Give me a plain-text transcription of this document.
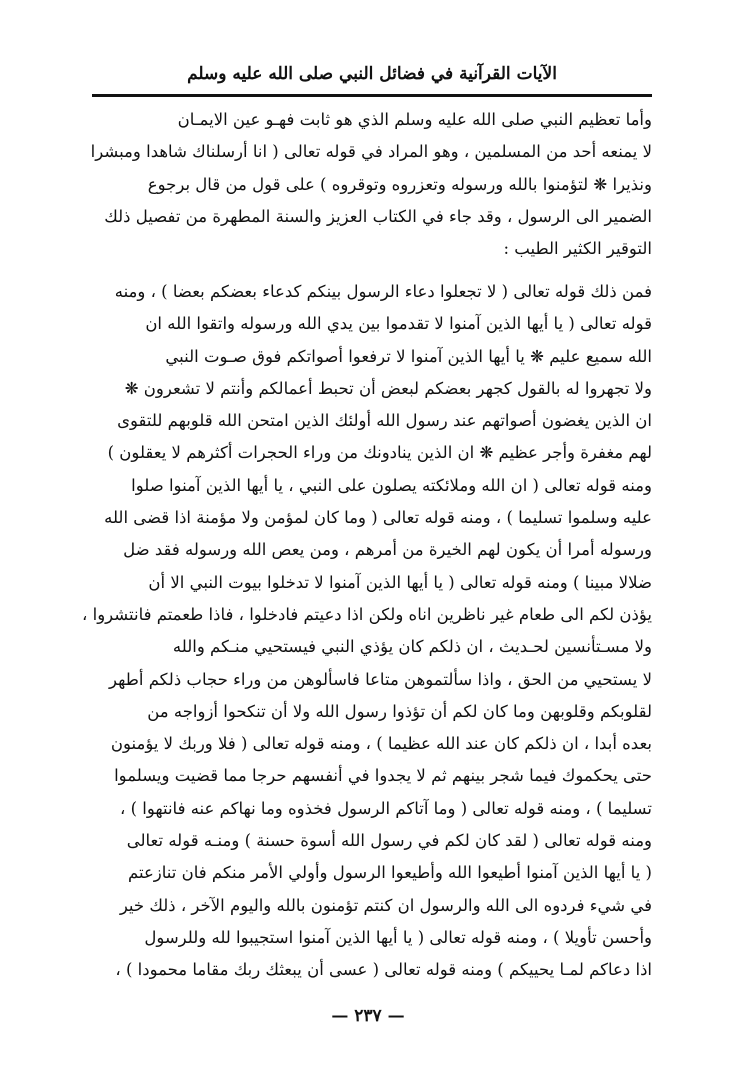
الآيات القرآنية في فضائل النبي صلى الله عليه وسلم
وأما تعظيم النبي صلى الله عليه وسلم الذي هو ثابت فهـو عين الايمـان
لا يمنعه أحد من المسلمين ، وهو المراد في قوله تعالى ( انا أرسلناك شاهدا ومبشرا
ونذيرا ❋ لتؤمنوا بالله ورسوله وتعزروه وتوقروه ) على قول من قال برجوع
الضمير الى الرسول ، وقد جاء في الكتاب العزيز والسنة المطهرة من تفصيل ذلك
التوقير الكثير الطيب :
فمن ذلك قوله تعالى ( لا تجعلوا دعاء الرسول بينكم كدعاء بعضكم بعضا ) ، ومنه
قوله تعالى ( يا أيها الذين آمنوا لا تقدموا بين يدي الله ورسوله واتقوا الله ان
الله سميع عليم ❋ يا أيها الذين آمنوا لا ترفعوا أصواتكم فوق صـوت النبي
ولا تجهروا له بالقول كجهر بعضكم لبعض أن تحبط أعمالكم وأنتم لا تشعرون ❋
ان الذين يغضون أصواتهم عند رسول الله أولئك الذين امتحن الله قلوبهم للتقوى
لهم مغفرة وأجر عظيم ❋ ان الذين ينادونك من وراء الحجرات أكثرهم لا يعقلون )
ومنه قوله تعالى ( ان الله وملائكته يصلون على النبي ، يا أيها الذين آمنوا صلوا
عليه وسلموا تسليما ) ، ومنه قوله تعالى ( وما كان لمؤمن ولا مؤمنة اذا قضى الله
ورسوله أمرا أن يكون لهم الخيرة من أمرهم ، ومن يعص الله ورسوله فقد ضل
ضلالا مبينا ) ومنه قوله تعالى ( يا أيها الذين آمنوا لا تدخلوا بيوت النبي الا أن
يؤذن لكم الى طعام غير ناظرين اناه ولكن اذا دعيتم فادخلوا ، فاذا طعمتم فانتشروا ،
ولا مسـتأنسين لحـديث ، ان ذلكم كان يؤذي النبي فيستحيي منـكم والله
لا يستحيي من الحق ، واذا سألتموهن متاعا فاسألوهن من وراء حجاب ذلكم أطهر
لقلوبكم وقلوبهن وما كان لكم أن تؤذوا رسول الله ولا أن تنكحوا أزواجه من
بعده أبدا ، ان ذلكم كان عند الله عظيما ) ، ومنه قوله تعالى ( فلا وربك لا يؤمنون
حتى يحكموك فيما شجر بينهم ثم لا يجدوا في أنفسهم حرجا مما قضيت ويسلموا
تسليما ) ، ومنه قوله تعالى ( وما آتاكم الرسول فخذوه وما نهاكم عنه فانتهوا ) ،
ومنه قوله تعالى ( لقد كان لكم في رسول الله أسوة حسنة ) ومنـه قوله تعالى
( يا أيها الذين آمنوا أطيعوا الله وأطيعوا الرسول وأولي الأمر منكم فان تنازعتم
في شيء فردوه الى الله والرسول ان كنتم تؤمنون بالله واليوم الآخر ، ذلك خير
وأحسن تأويلا ) ، ومنه قوله تعالى ( يا أيها الذين آمنوا استجيبوا لله وللرسول
اذا دعاكم لمـا يحييكم ) ومنه قوله تعالى ( عسى أن يبعثك ربك مقاما محمودا ) ،
— ٢٣٧ —
